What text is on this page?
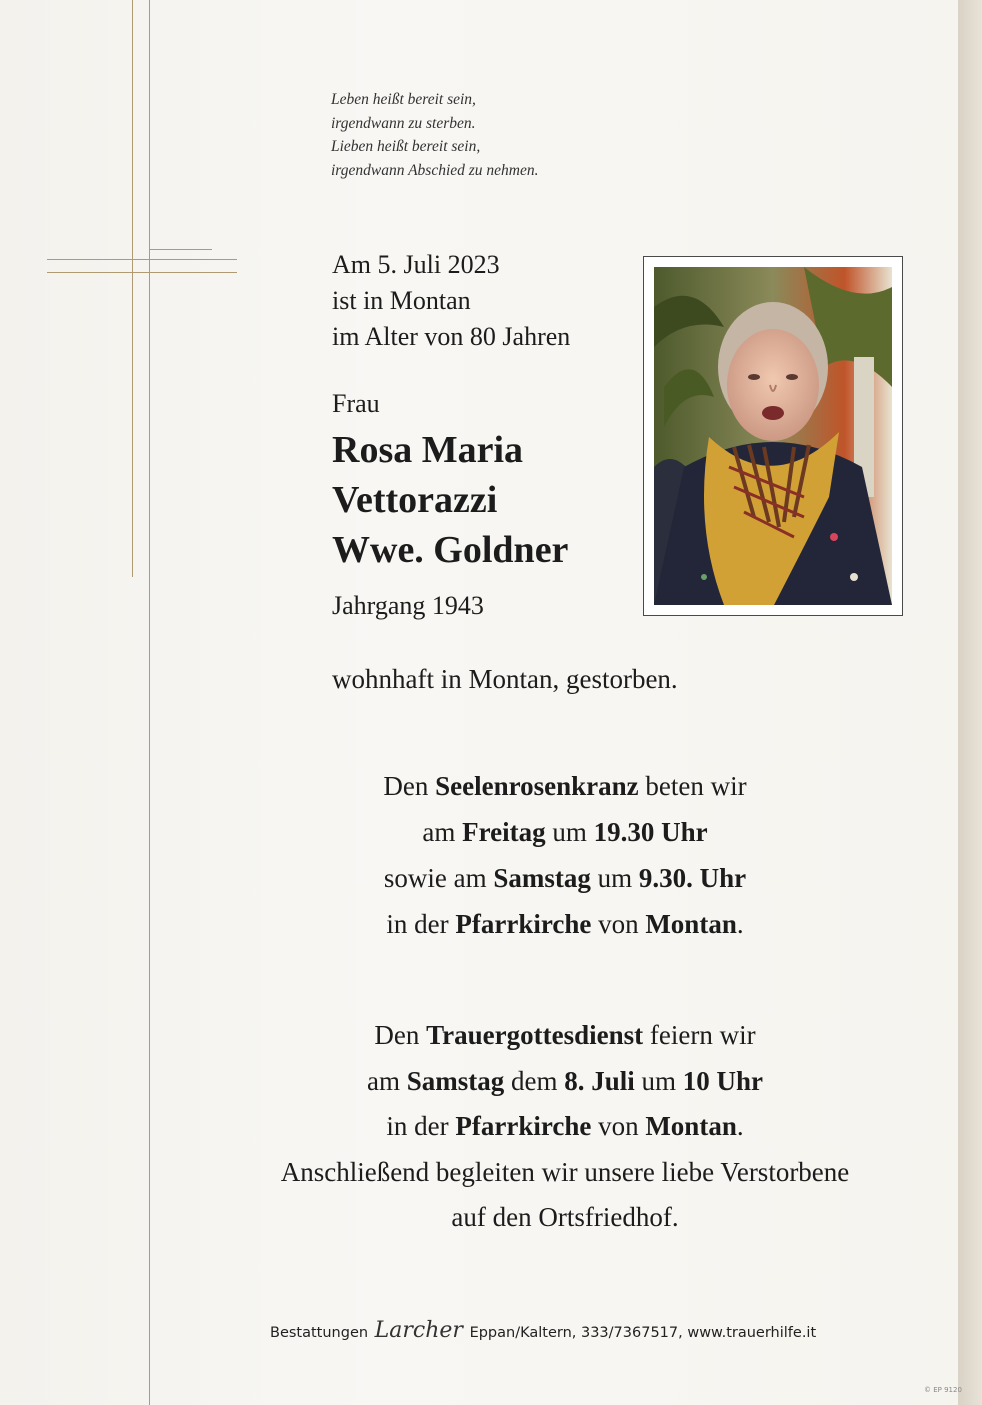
Leben heißt bereit sein,
irgendwann zu sterben.
Lieben heißt bereit sein,
irgendwann Abschied zu nehmen.
Am 5. Juli 2023
ist in Montan
im Alter von 80 Jahren
Frau
Rosa Maria
Vettorazzi
Wwe. Goldner
Jahrgang 1943
wohnhaft in Montan, gestorben.
Den Seelenrosenkranz beten wir
am Freitag um 19.30 Uhr
sowie am Samstag um 9.30. Uhr
in der Pfarrkirche von Montan.
Den Trauergottesdienst feiern wir
am Samstag dem 8. Juli um 10 Uhr
in der Pfarrkirche von Montan.
Anschließend begleiten wir unsere liebe Verstorbene
auf den Ortsfriedhof.
Bestattungen Larcher Eppan/Kaltern, 333/7367517, www.trauerhilfe.it
© EP 9120
